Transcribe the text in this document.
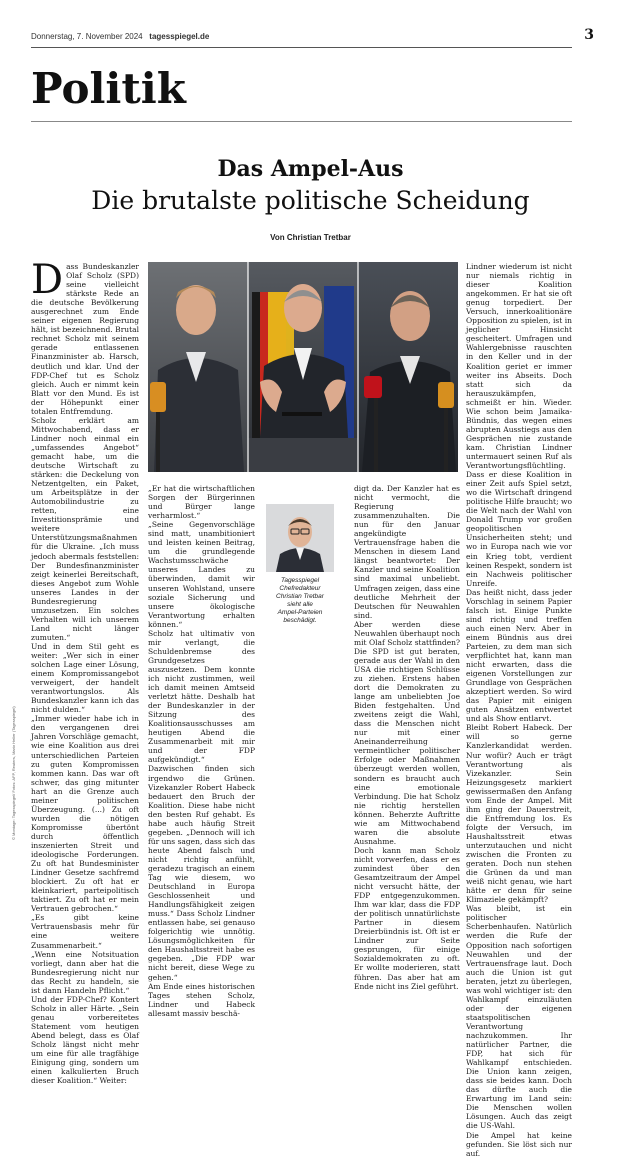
Donnerstag, 7. November 2024 tagesspiegel.de	3
Politik
Das Ampel-Aus
Die brutalste politische Scheidung
Von Christian Tretbar
© Montage: Tagesspiegel/ Fotos: AFP, Reuters, Mario Heller (Tagesspiegel)

Dass Bundeskanzler Olaf Scholz (SPD) seine vielleicht stärkste Rede an die deutsche Bevölkerung ausgerechnet zum Ende seiner eigenen Regierung hält, ist bezeichnend. Brutal rechnet Scholz mit seinem gerade entlassenen Finanzminister ab. Harsch, deutlich und klar. Und der FDP-Chef tut es Scholz gleich. Auch er nimmt kein Blatt vor den Mund. Es ist der Höhepunkt einer totalen Entfremdung.

Scholz erklärt am Mittwochabend, dass er Lindner noch einmal ein „umfassendes Angebot“ gemacht habe, um die deutsche Wirtschaft zu stärken: die Deckelung von Netzentgelten, ein Paket, um Arbeitsplätze in der Automobilindustrie zu retten, eine Investitionsprämie und weitere Unterstützungsmaßnahmen für die Ukraine. „Ich muss jedoch abermals feststellen: Der Bundesfinanzminister zeigt keinerlei Bereitschaft, dieses Angebot zum Wohle unseres Landes in der Bundesregierung umzusetzen. Ein solches Verhalten will ich unserem Land nicht länger zumuten.“

Und in dem Stil geht es weiter: „Wer sich in einer solchen Lage einer Lösung, einem Kompromissangebot verweigert, der handelt verantwortungslos. Als Bundeskanzler kann ich das nicht dulden.“

„Immer wieder habe ich in den vergangenen drei Jahren Vorschläge gemacht, wie eine Koalition aus drei unterschiedlichen Parteien zu guten Kompromissen kommen kann. Das war oft schwer, das ging mitunter hart an die Grenze auch meiner politischen Überzeugung. (...) Zu oft wurden die nötigen Kompromisse übertönt durch öffentlich inszenierten Streit und ideologische Forderungen. Zu oft hat Bundesminister Lindner Gesetze sachfremd blockiert. Zu oft hat er kleinkariert, parteipolitisch taktiert. Zu oft hat er mein Vertrauen gebrochen.“

„Es gibt keine Vertrauensbasis mehr für eine weitere Zusammenarbeit.“

„Wenn eine Notsituation vorliegt, dann aber hat die Bundesregierung nicht nur das Recht zu handeln, sie ist dann Handeln Pflicht.“

Und der FDP-Chef? Kontert Scholz in aller Härte. „Sein genau vorbereitetes Statement vom heutigen Abend belegt, dass es Olaf Scholz längst nicht mehr um eine für alle tragfähige Einigung ging, sondern um einen kalkulierten Bruch dieser Koalition.“ Weiter:

„Er hat die wirtschaftlichen Sorgen der Bürgerinnen und Bürger lange verharmlost.“

„Seine Gegenvorschläge sind matt, unambitioniert und leisten keinen Beitrag, um die grundlegende Wachstumsschwäche unseres Landes zu überwinden, damit wir unseren Wohlstand, unsere soziale Sicherung und unsere ökologische Verantwortung erhalten können.“

Scholz hat ultimativ von mir verlangt, die Schuldenbremse des Grundgesetzes auszusetzen. Dem konnte ich nicht zustimmen, weil ich damit meinen Amtseid verletzt hätte. Deshalb hat der Bundeskanzler in der Sitzung des Koalitionsausschusses am heutigen Abend die Zusammenarbeit mit mir und der FDP aufgekündigt.“

Dazwischen finden sich irgendwo die Grünen. Vizekanzler Robert Habeck bedauert den Bruch der Koalition. Diese habe nicht den besten Ruf gehabt. Es habe auch häufig Streit gegeben. „Dennoch will ich für uns sagen, dass sich das heute Abend falsch und nicht richtig anfühlt, geradezu tragisch an einem Tag wie diesem, wo Deutschland in Europa Geschlossenheit und Handlungsfähigkeit zeigen muss.“ Dass Scholz Lindner entlassen habe, sei genauso folgerichtig wie unnötig. Lösungsmöglichkeiten für den Haushaltsstreit habe es gegeben. „Die FDP war nicht bereit, diese Wege zu gehen.“

Am Ende eines historischen Tages stehen Scholz, Lindner und Habeck allesamt massiv beschä-

Tagesspiegel
Chefredakteur
Christian Tretbar
sieht alle
Ampel-Parteien
beschädigt.

digt da. Der Kanzler hat es nicht vermocht, die Regierung zusammenzuhalten. Die nun für den Januar angekündigte Vertrauensfrage haben die Menschen in diesem Land längst beantwortet: Der Kanzler und seine Koalition sind maximal unbeliebt. Umfragen zeigen, dass eine deutliche Mehrheit der Deutschen für Neuwahlen sind.

Aber werden diese Neuwahlen überhaupt noch mit Olaf Scholz stattfinden? Die SPD ist gut beraten, gerade aus der Wahl in den USA die richtigen Schlüsse zu ziehen. Erstens haben dort die Demokraten zu lange am unbeliebten Joe Biden festgehalten. Und zweitens zeigt die Wahl, dass die Menschen nicht nur mit einer Aneinanderreihung vermeintlicher politischer Erfolge oder Maßnahmen überzeugt werden wollen, sondern es braucht auch eine emotionale Verbindung. Die hat Scholz nie richtig herstellen können. Beherzte Auftritte wie am Mittwochabend waren die absolute Ausnahme.

Doch kann man Scholz nicht vorwerfen, dass er es zumindest über den Gesamtzeitraum der Ampel nicht versucht hätte, der FDP entgegenzukommen. Ihm war klar, dass die FDP der politisch unnatürlichste Partner in diesem Dreierbündnis ist. Oft ist er Lindner zur Seite gesprungen, für einige Sozialdemokraten zu oft. Er wollte moderieren, statt führen. Das aber hat am Ende nicht ins Ziel geführt.

Lindner wiederum ist nicht nur niemals richtig in dieser Koalition angekommen. Er hat sie oft genug torpediert. Der Versuch, innerkoalitionäre Opposition zu spielen, ist in jeglicher Hinsicht gescheitert. Umfragen und Wahlergebnisse rauschten in den Keller und in der Koalition geriet er immer weiter ins Abseits. Doch statt sich da herauszukämpfen, schmeißt er hin. Wieder. Wie schon beim Jamaika-Bündnis, das wegen eines abrupten Ausstiegs aus den Gesprächen nie zustande kam. Christian Lindner untermauert seinen Ruf als Verantwortungsflüchtling. Dass er diese Koalition in einer Zeit aufs Spiel setzt, wo die Wirtschaft dringend politische Hilfe braucht; wo die Welt nach der Wahl von Donald Trump vor großen geopolitischen Unsicherheiten steht; und wo in Europa nach wie vor ein Krieg tobt, verdient keinen Respekt, sondern ist ein Nachweis politischer Unreife.

Das heißt nicht, dass jeder Vorschlag in seinem Papier falsch ist. Einige Punkte sind richtig und treffen auch einen Nerv. Aber in einem Bündnis aus drei Parteien, zu dem man sich verpflichtet hat, kann man nicht erwarten, dass die eigenen Vorstellungen zur Grundlage von Gesprächen akzeptiert werden. So wird das Papier mit einigen guten Ansätzen entwertet und als Show entlarvt.

Bleibt Robert Habeck. Der will so gerne Kanzlerkandidat werden. Nur wofür? Auch er trägt Verantwortung als Vizekanzler. Sein Heizungsgesetz markiert gewissermaßen den Anfang vom Ende der Ampel. Mit ihm ging der Dauerstreit, die Entfremdung los. Es folgte der Versuch, im Haushaltsstreit etwas unterzutauchen und nicht zwischen die Fronten zu geraten. Doch nun stehen die Grünen da und man weiß nicht genau, wie hart hätte er denn für seine Klimaziele gekämpft?

Was bleibt, ist ein politischer Scherbenhaufen. Natürlich werden die Rufe der Opposition nach sofortigen Neuwahlen und der Vertrauensfrage laut. Doch auch die Union ist gut beraten, jetzt zu überlegen, was wohl wichtiger ist: den Wahlkampf einzuläuten oder der eigenen staatspolitischen Verantwortung nachzukommen. Ihr natürlicher Partner, die FDP, hat sich für Wahlkampf entschieden. Die Union kann zeigen, dass sie beides kann. Doch das dürfte auch die Erwartung im Land sein: Die Menschen wollen Lösungen. Auch das zeigt die US-Wahl.

Die Ampel hat keine gefunden. Sie löst sich nur auf.
